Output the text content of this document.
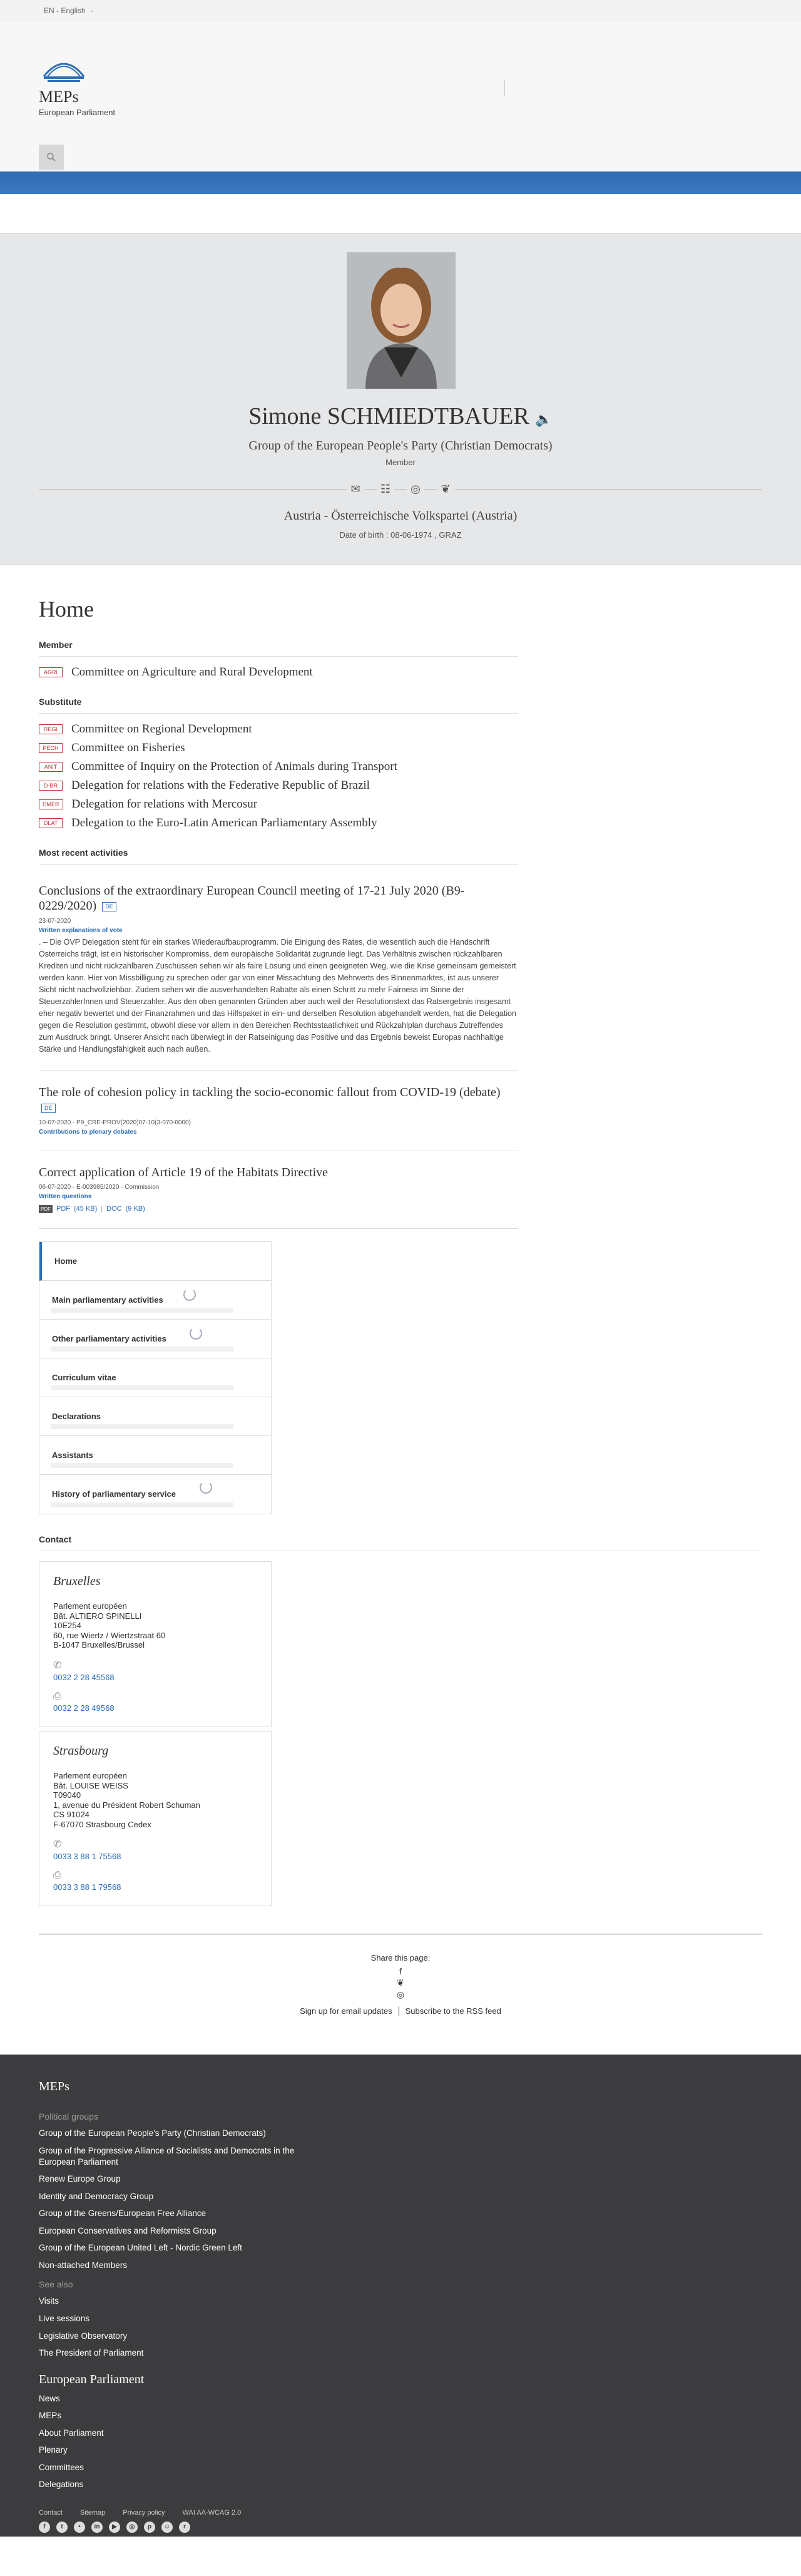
EN - English ⌄
MEPs
European Parliament
Simone SCHMIEDTBAUER 🔈
Group of the European People's Party (Christian Democrats)
Member
✉	☷	◎	❦
Austria - Österreichische Volkspartei (Austria)
Date of birth : 08-06-1974 , GRAZ
Home
Member
AGRI	Committee on Agriculture and Rural Development
Substitute
REGI	Committee on Regional Development
PECH	Committee on Fisheries
ANIT	Committee of Inquiry on the Protection of Animals during Transport
D-BR	Delegation for relations with the Federative Republic of Brazil
DMER	Delegation for relations with Mercosur
DLAT	Delegation to the Euro-Latin American Parliamentary Assembly
Most recent activities
Conclusions of the extraordinary European Council meeting of 17-21 July 2020 (B9-0229/2020) DE
23-07-2020
Written explanations of vote
. – Die ÖVP Delegation steht für ein starkes Wiederaufbauprogramm. Die Einigung des Rates, die wesentlich auch die Handschrift Österreichs trägt, ist ein historischer Kompromiss, dem europäische Solidarität zugrunde liegt. Das Verhältnis zwischen rückzahlbaren Krediten und nicht rückzahlbaren Zuschüssen sehen wir als faire Lösung und einen geeigneten Weg, wie die Krise gemeinsam gemeistert werden kann. Hier von Missbilligung zu sprechen oder gar von einer Missachtung des Mehrwerts des Binnenmarktes, ist aus unserer Sicht nicht nachvollziehbar. Zudem sehen wir die ausverhandelten Rabatte als einen Schritt zu mehr Fairness im Sinne der SteuerzahlerInnen und Steuerzahler. Aus den oben genannten Gründen aber auch weil der Resolutionstext das Ratsergebnis insgesamt eher negativ bewertet und der Finanzrahmen und das Hilfspaket in ein- und derselben Resolution abgehandelt werden, hat die Delegation gegen die Resolution gestimmt, obwohl diese vor allem in den Bereichen Rechtsstaatlichkeit und Rückzahlplan durchaus Zutreffendes zum Ausdruck bringt. Unserer Ansicht nach überwiegt in der Ratseinigung das Positive und das Ergebnis beweist Europas nachhaltige Stärke und Handlungsfähigkeit auch nach außen.
The role of cohesion policy in tackling the socio-economic fallout from COVID-19 (debate) DE
10-07-2020 - P9_CRE-PROV(2020)07-10(3-070-0000)
Contributions to plenary debates
Correct application of Article 19 of the Habitats Directive
06-07-2020 - E-003985/2020 - Commission
Written questions
PDF PDF (45 KB) | DOC (9 KB)
Home
Main parliamentary activities
Other parliamentary activities
Curriculum vitae
Declarations
Assistants
History of parliamentary service
Contact
Bruxelles
Parlement européen
Bât. ALTIERO SPINELLI
10E254
60, rue Wiertz / Wiertzstraat 60
B-1047 Bruxelles/Brussel
✆
0032 2 28 45568
⎙
0032 2 28 49568
Strasbourg
Parlement européen
Bât. LOUISE WEISS
T09040
1, avenue du Président Robert Schuman
CS 91024
F-67070 Strasbourg Cedex
✆
0033 3 88 1 75568
⎙
0033 3 88 1 79568
Share this page:
f
❦
◎
Sign up for email updates Subscribe to the RSS feed
MEPs
Political groups
Group of the European People's Party (Christian Democrats)
Group of the Progressive Alliance of Socialists and Democrats in the European Parliament
Renew Europe Group
Identity and Democracy Group
Group of the Greens/European Free Alliance
European Conservatives and Reformists Group
Group of the European United Left - Nordic Green Left
Non-attached Members
See also
Visits
Live sessions
Legislative Observatory
The President of Parliament
European Parliament
News
MEPs
About Parliament
Plenary
Committees
Delegations
Contact	Sitemap	Privacy policy	WAI AA-WCAG 2.0
f	t	•	in	▶	◎	p	☺	r
